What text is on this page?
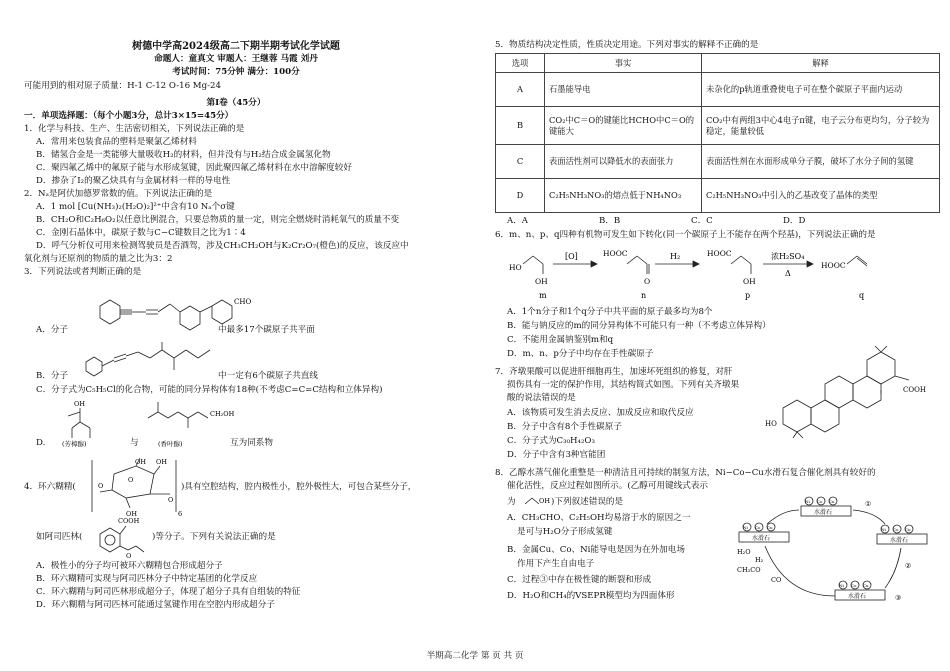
树德中学高2024级高二下期半期考试化学试题
命题人：童真文 审题人：王继蓉 马霞 刘丹
考试时间：75分钟 满分：100分
可能用到的相对原子质量：H-1 C-12 O-16 Mg-24
第Ⅰ卷（45分）
一．单项选择题：（每个小题3分，总计3×15=45分）
1．化学与科技、生产、生活密切相关，下列说法正确的是
A．常用来包装食品的塑料是聚氯乙烯材料
B．储氢合金是一类能够大量吸收H₂的材料，但并没有与H₂结合成金属氢化物
C．聚四氟乙烯中的氟原子能与水形成氢键，因此聚四氟乙烯材料在水中溶解度较好
D．掺杂了I₂的聚乙炔具有与金属材料一样的导电性
2．Nₐ是阿伏加德罗常数的值。下列说法正确的是
A．1 mol [Cu(NH₃)₂(H₂O)₂]²⁺中含有10 Nₐ个σ键
B．CH₂O和C₂H₆O₂以任意比例混合，只要总物质的量一定，则完全燃烧时消耗氧气的质量不变
C．金刚石晶体中，碳原子数与C−C键数目之比为1∶4
D．呼气分析仪可用来检测驾驶员是否酒驾，涉及CH₃CH₂OH与K₂Cr₂O₇(橙色)的反应，该反应中
氧化剂与还原剂的物质的量之比为3：2
3．下列说法或者判断正确的是
A．分子
CHO
中最多17个碳原子共平面
B．分子	中一定有6个碳原子共直线
C．分子式为C₅H₅Cl的化合物，可能的同分异构体有18种(不考虑C=C=C结构和立体异构)
OH
CH₂OH
(芳樟醇)	(香叶醇)
D.	与	互为同系物
O
O
OH OH
O
OH	6
4．环六糊精(	)具有空腔结构，腔内极性小，腔外极性大，可包合某些分子，
COOH
O
如阿司匹林(	)等分子。下列有关说法正确的是
A．极性小的分子均可被环六糊精包合形成超分子
B．环六糊精可实现与阿司匹林分子中特定基团的化学反应
C．环六糊精与阿司匹林形成超分子，体现了超分子具有自组装的特征
D．环六糊精与阿司匹林可能通过氢键作用在空腔内形成超分子
5．物质结构决定性质，性质决定用途。下列对事实的解释不正确的是
选项	事实	解释
A	石墨能导电	未杂化的p轨道重叠使电子可在整个碳原子平面内运动
B	CO₂中C＝O的键能比HCHO中C＝O的键能大	CO₂中有两组3中心4电子π键，电子云分布更均匀，分子较为稳定，能量较低
C	表面活性剂可以降低水的表面张力	表面活性剂在水面形成单分子膜，破坏了水分子间的氢键
D	C₂H₅NH₃NO₃的熔点低于NH₄NO₃	C₂H₅NH₃NO₃中引入的乙基改变了晶体的类型
A．A	B．B	C．C	D．D
6．m、n、p、q四种有机物可发生如下转化(同一个碳原子上不能存在两个羟基)，下列说法正确的是
HO
OH
[O]	HOOC
O
H₂	HOOC
OH
浓H₂SO₄
Δ
HOOC
m	n	p	q
A．1个n分子和1个q分子中共平面的原子最多均为8个
B．能与钠反应的m的同分异构体不可能只有一种（不考虑立体异构）
C．不能用金属钠鉴别m和q
D．m、n、p分子中均存在手性碳原子
7．齐墩果酸可以促进肝细胞再生，加速坏死组织的修复，对肝
损伤具有一定的保护作用，其结构简式如图。下列有关齐墩果
酸的说法错误的是
A．该物质可发生消去反应、加成反应和取代反应
B．分子中含有8个手性碳原子
C．分子式为C₃₀H₄₂O₃
D．分子中含有3种官能团
HO
COOH
8．乙醇水蒸气催化重整是一种清洁且可持续的制氢方法，Ni−Co−Cu水滑石复合催化剂具有较好的
催化活性，反应过程如图所示。(乙醇可用键线式表示
为	OH )下列叙述错误的是
A．CH₃CHO、C₂H₅OH均易溶于水的原因之一
是可与H₂O分子形成氢键
B．金属Cu、Co、Ni能导电是因为在外加电场
作用下产生自由电子
C．过程③中存在极性键的断裂和形成
D．H₂O和CH₄的VSEPR模型均为四面体形
水滑石
水滑石	水滑石
水滑石
Ni Co Cu
Ni Co Cu	Ni Co Cu
Ni Co Cu
①
②
③
H₂O
CH₃CO
H₂
CO
半期高二化学 第 页 共 页
